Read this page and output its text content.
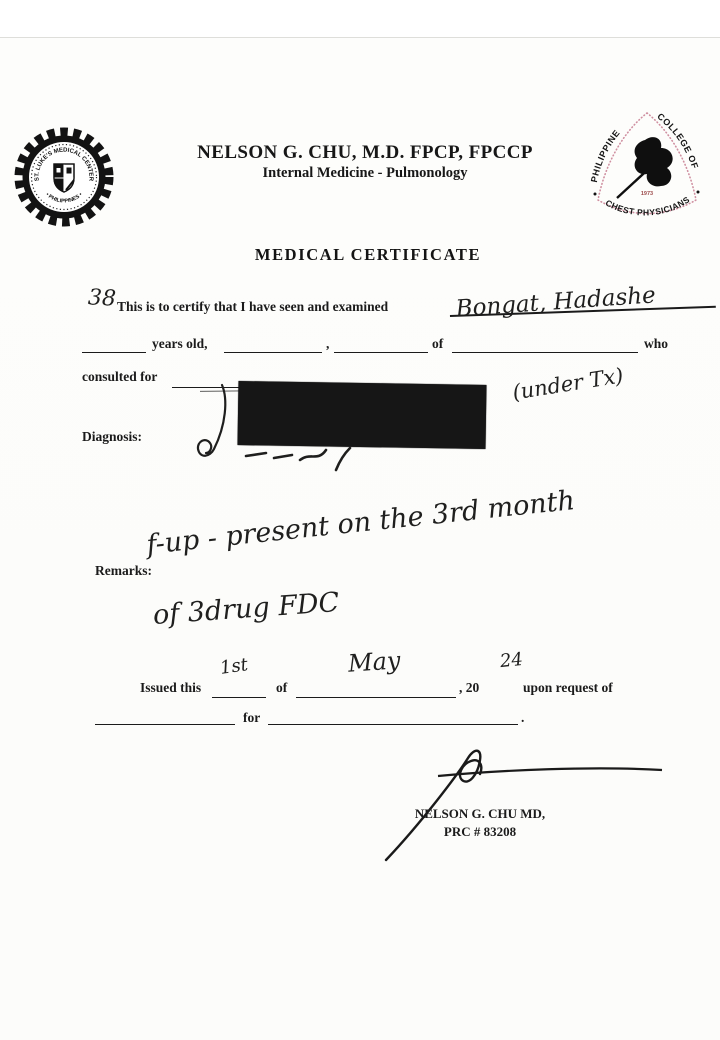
ST. LUKE'S MEDICAL CENTER
• PHILIPPINES •
NELSON G. CHU, M.D. FPCP, FPCCP
Internal Medicine - Pulmonology	PHILIPPINE
COLLEGE OF
CHEST PHYSICIANS
1973
MEDICAL CERTIFICATE
38 This is to certify that I have seen and examined	Bongat, Hadashe
years old,	,	of	who
consulted for
Diagnosis:
(under Tx)
Remarks:
f-up - present on the 3rd month
of 3drug FDC
Issued this
1st
of
May
, 20
24
upon request of
for	.
NELSON G. CHU MD,
PRC # 83208
